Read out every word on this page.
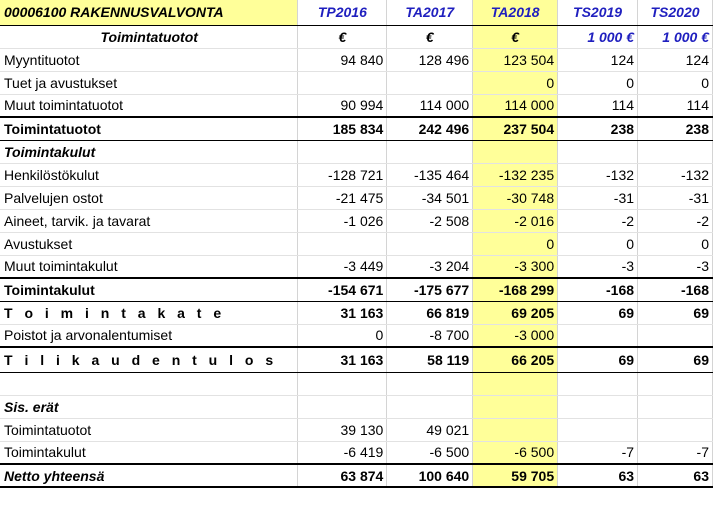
00006100 RAKENNUSVALVONTA	TP2016	TA2017	TA2018	TS2019	TS2020
Toimintatuotot	€	€	€	1 000 €	1 000 €
Myyntituotot	94 840	128 496	123 504	124	124
Tuet ja avustukset			0	0	0
Muut toimintatuotot	90 994	114 000	114 000	114	114
Toimintatuotot	185 834	242 496	237 504	238	238
Toimintakulut					
Henkilöstökulut	-128 721	-135 464	-132 235	-132	-132
Palvelujen ostot	-21 475	-34 501	-30 748	-31	-31
Aineet, tarvik. ja tavarat	-1 026	-2 508	-2 016	-2	-2
Avustukset			0	0	0
Muut toimintakulut	-3 449	-3 204	-3 300	-3	-3
Toimintakulut	-154 671	-175 677	-168 299	-168	-168
T o i m i n t a k a t e	31 163	66 819	69 205	69	69
Poistot ja arvonalentumiset	0	-8 700	-3 000		
T i l i k a u d e n t u l o s	31 163	58 119	66 205	69	69

Sis. erät					
Toimintatuotot	39 130	49 021			
Toimintakulut	-6 419	-6 500	-6 500	-7	-7
Netto yhteensä	63 874	100 640	59 705	63	63
